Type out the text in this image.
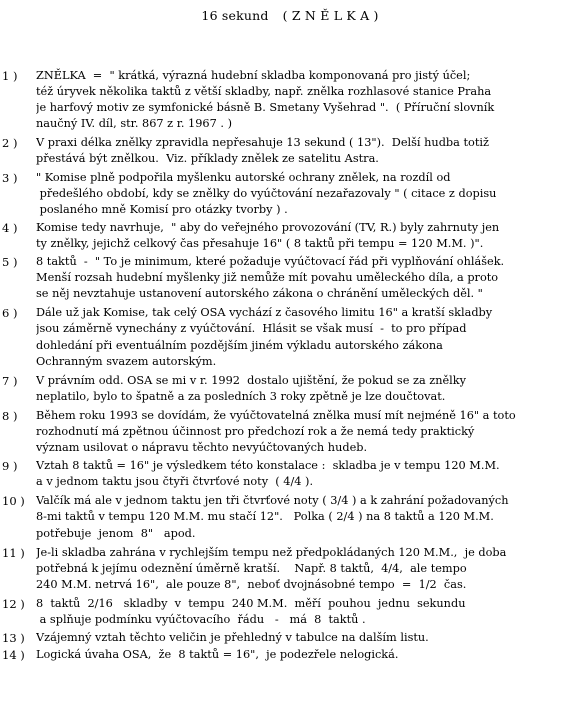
16 sekund ( Z N Ě L K A )
1 )	ZNĚLKA  =  " krátká, výrazná hudební skladba komponovaná pro jistý účel;
též úryvek několika taktů z větší skladby, např. znělka rozhlasové stanice Praha
je harfový motiv ze symfonické básně B. Smetany Vyšehrad ".  ( Příruční slovník
naučný IV. díl, str. 867 z r. 1967 . )
2 )	V praxi délka znělky zpravidla nepřesahuje 13 sekund ( 13").  Delší hudba totiž
přestává být znělkou.  Viz. příklady znělek ze satelitu Astra.
3 )	" Komise plně podpořila myšlenku autorské ochrany znělek, na rozdíl od
předešlého období, kdy se znělky do vyúčtování nezařazovaly " ( citace z dopisu
poslaného mně Komisí pro otázky tvorby ) .
4 )	Komise tedy navrhuje,  " aby do veřejného provozování (TV, R.) byly zahrnuty jen
ty znělky, jejichž celkový čas přesahuje 16" ( 8 taktů při tempu = 120 M.M. )".
5 )	8 taktů  -  " To je minimum, které požaduje vyúčtovací řád při vyplňování ohlášek.
Menší rozsah hudební myšlenky již nemůže mít povahu uměleckého díla, a proto
se něj nevztahuje ustanovení autorského zákona o chránění uměleckých děl. "
6 )	Dále už jak Komise, tak celý OSA vychází z časového limitu 16" a kratší skladby
jsou záměrně vynechány z vyúčtování.  Hlásit se však musí  -  to pro případ
dohledání při eventuálním pozdějším jiném výkladu autorského zákona
Ochranným svazem autorským.
7 )	V právním odd. OSA se mi v r. 1992  dostalo ujištění, že pokud se za znělky
neplatilo, bylo to špatně a za posledních 3 roky zpětně je lze doučtovat.
8 )	Během roku 1993 se dovídám, že vyúčtovatelná znělka musí mít nejméně 16" a toto
rozhodnutí má zpětnou účinnost pro předchozí rok a že nemá tedy praktický
význam usilovat o nápravu těchto nevyúčtovaných hudeb.
9 )	Vztah 8 taktů = 16" je výsledkem této konstalace :  skladba je v tempu 120 M.M.
a v jednom taktu jsou čtyři čtvrťové noty  ( 4/4 ).
10 ) Valčík má ale v jednom taktu jen tři čtvrťové noty ( 3/4 ) a k zahrání požadovaných
8-mi taktů v tempu 120 M.M. mu stačí 12".   Polka ( 2/4 ) na 8 taktů a 120 M.M.
potřebuje  jenom  8"   apod.
11 ) Je-li skladba zahrána v rychlejším tempu než předpokládaných 120 M.M.,  je doba
potřebná k jejímu odeznění úměrně kratší.    Např. 8 taktů,  4/4,  ale tempo
240 M.M. netrvá 16",  ale pouze 8",  neboť dvojnásobné tempo  =  1/2  čas.
12 ) 8  taktů  2/16   skladby  v  tempu  240 M.M.  měří  pouhou  jednu  sekundu
a splňuje podmínku vyúčtovacího  řádu   -   má  8  taktů .
13 ) Vzájemný vztah těchto veličin je přehledný v tabulce na dalším listu.
14 ) Logická úvaha OSA,  že  8 taktů = 16",  je podezřele nelogická.
